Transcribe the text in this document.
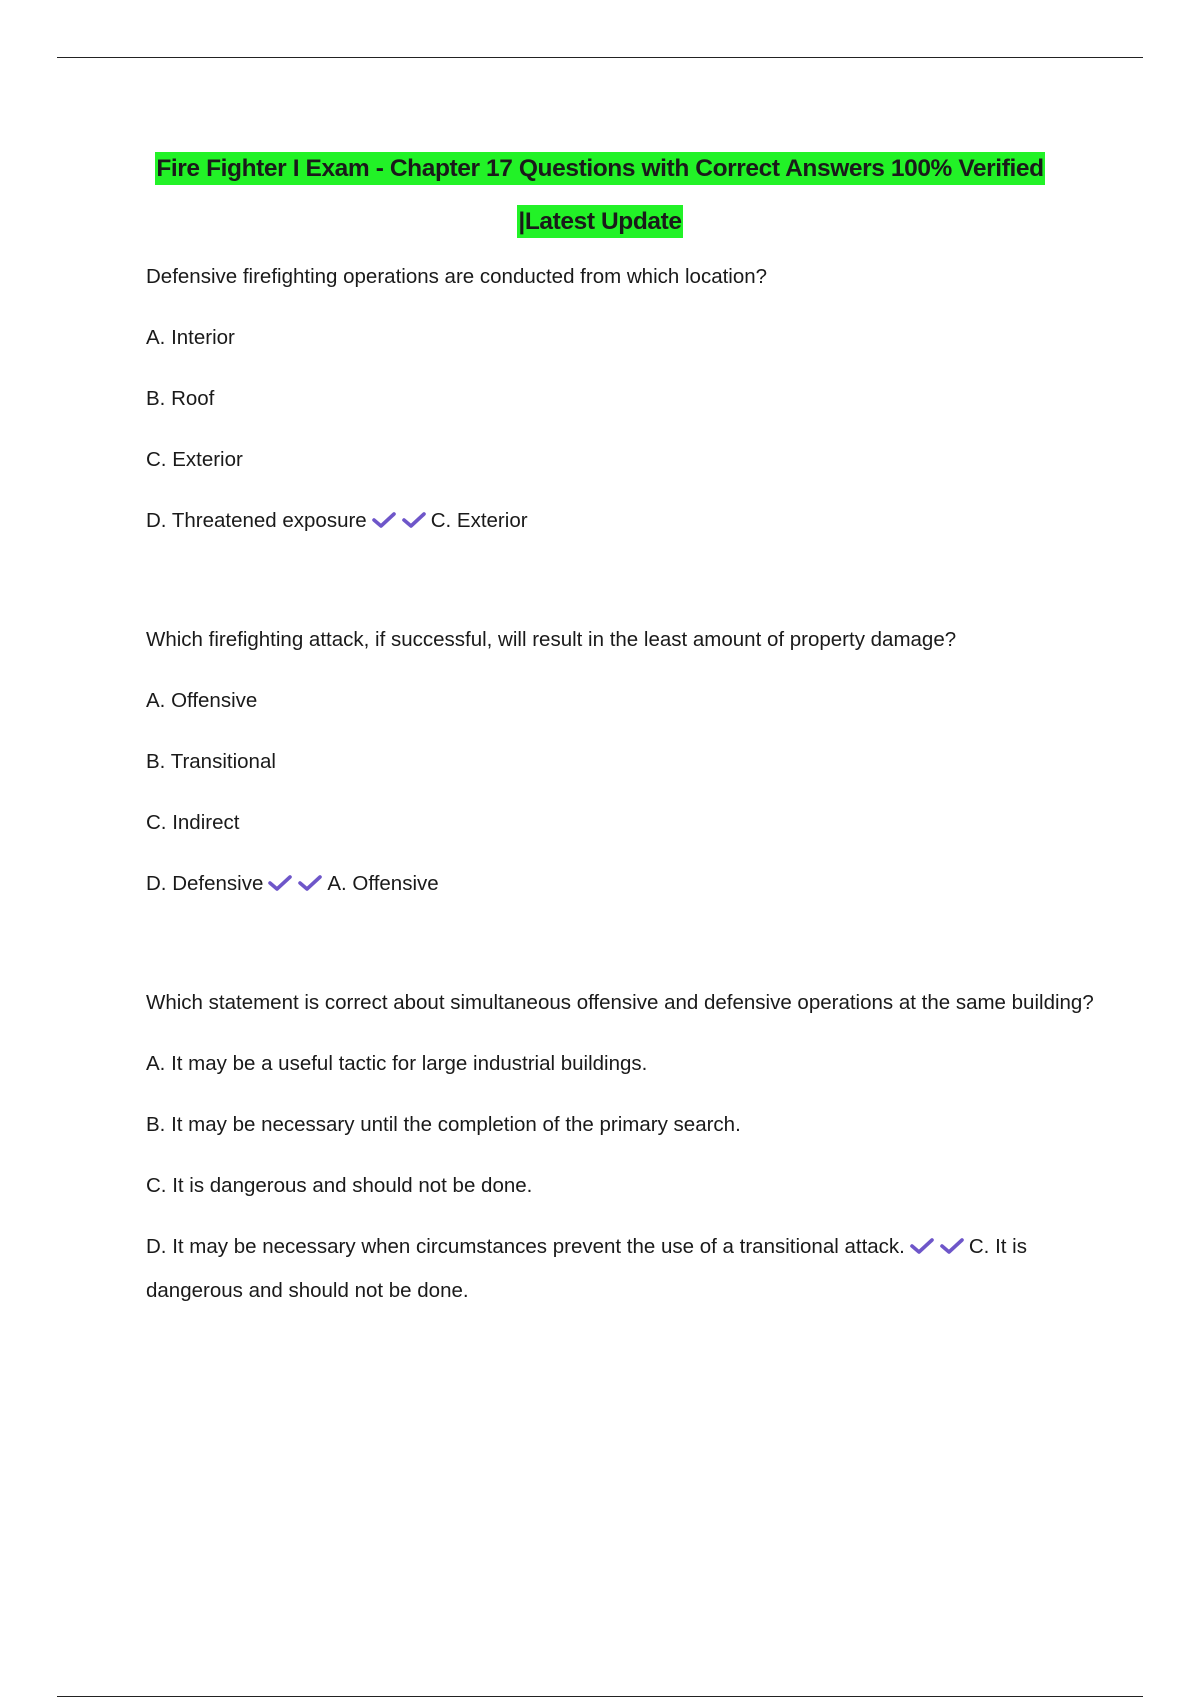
Fire Fighter I Exam - Chapter 17 Questions with Correct Answers 100% Verified
|Latest Update

Defensive firefighting operations are conducted from which location?

A. Interior

B. Roof

C. Exterior

D. Threatened exposure	C. Exterior

Which firefighting attack, if successful, will result in the least amount of property damage?

A. Offensive

B. Transitional

C. Indirect

D. Defensive	A. Offensive

Which statement is correct about simultaneous offensive and defensive operations at the same building?

A. It may be a useful tactic for large industrial buildings.

B. It may be necessary until the completion of the primary search.

C. It is dangerous and should not be done.

D. It may be necessary when circumstances prevent the use of a transitional attack.	C. It is dangerous and should not be done.
